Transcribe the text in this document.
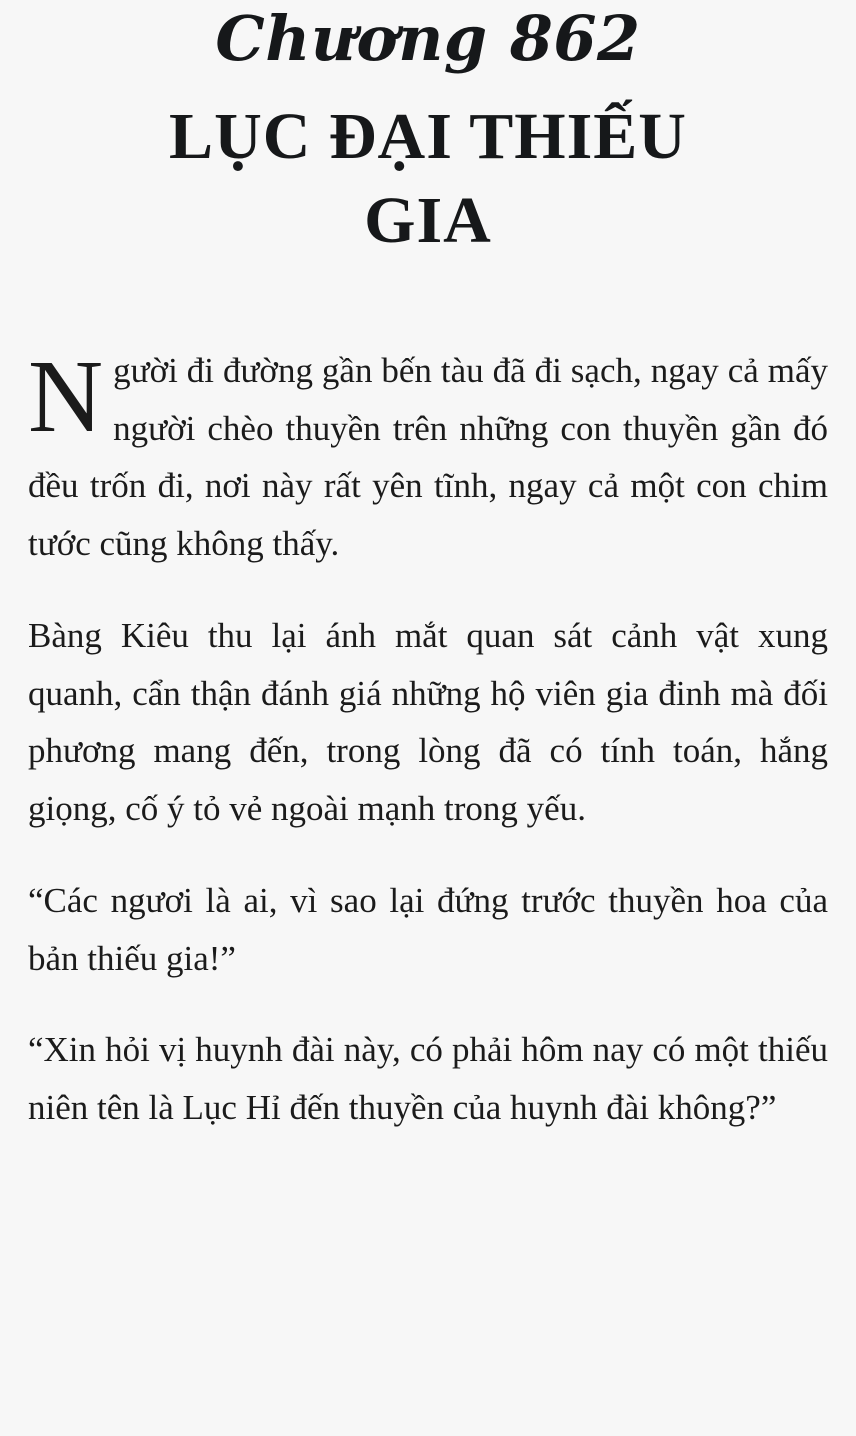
Chương 862
LỤC ĐẠI THIẾU GIA

Người đi đường gần bến tàu đã đi sạch, ngay cả mấy người chèo thuyền trên những con thuyền gần đó đều trốn đi, nơi này rất yên tĩnh, ngay cả một con chim tước cũng không thấy.

Bàng Kiêu thu lại ánh mắt quan sát cảnh vật xung quanh, cẩn thận đánh giá những hộ viên gia đinh mà đối phương mang đến, trong lòng đã có tính toán, hắng giọng, cố ý tỏ vẻ ngoài mạnh trong yếu.

“Các ngươi là ai, vì sao lại đứng trước thuyền hoa của bản thiếu gia!”

“Xin hỏi vị huynh đài này, có phải hôm nay có một thiếu niên tên là Lục Hỉ đến thuyền của huynh đài không?”
